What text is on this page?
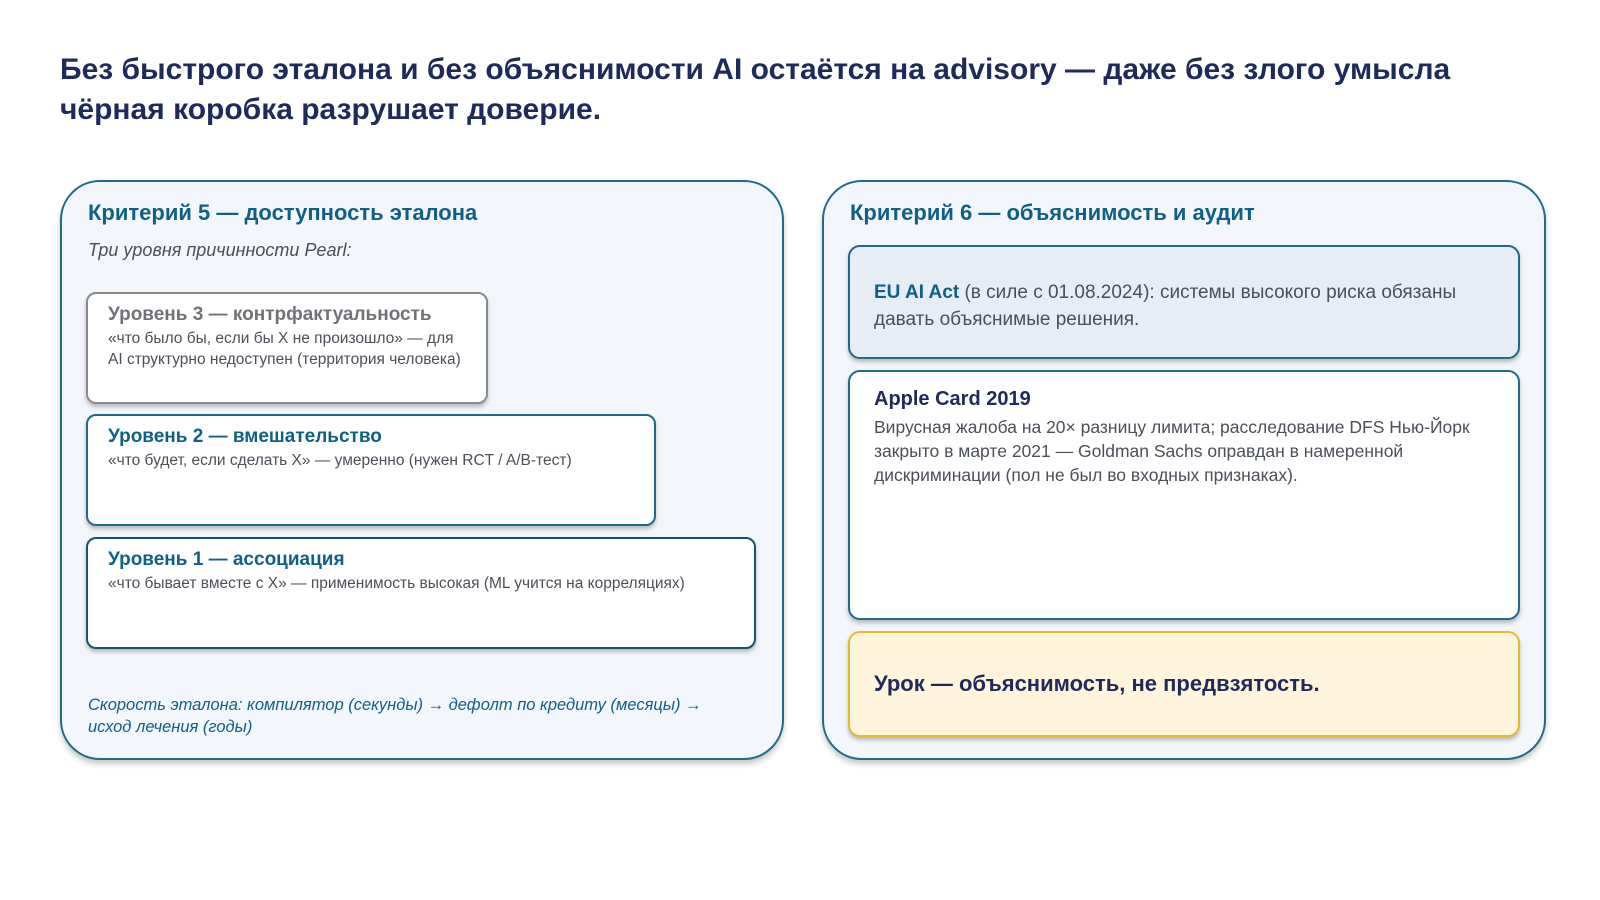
Без быстрого эталона и без объяснимости AI остаётся на advisory — даже без злого умысла чёрная коробка разрушает доверие.
Критерий 5 — доступность эталона
Три уровня причинности Pearl:
Уровень 3 — контрфактуальность
«что было бы, если бы X не произошло» — для AI структурно недоступен (территория человека)
Уровень 2 — вмешательство
«что будет, если сделать X» — умеренно (нужен RCT / A/B-тест)
Уровень 1 — ассоциация
«что бывает вместе с X» — применимость высокая (ML учится на корреляциях)
Скорость эталона: компилятор (секунды) → дефолт по кредиту (месяцы) → исход лечения (годы)
Критерий 6 — объяснимость и аудит
EU AI Act (в силе с 01.08.2024): системы высокого риска обязаны давать объяснимые решения.
Apple Card 2019
Вирусная жалоба на 20× разницу лимита; расследование DFS Нью-Йорк закрыто в марте 2021 — Goldman Sachs оправдан в намеренной дискриминации (пол не был во входных признаках).
Урок — объяснимость, не предвзятость.
